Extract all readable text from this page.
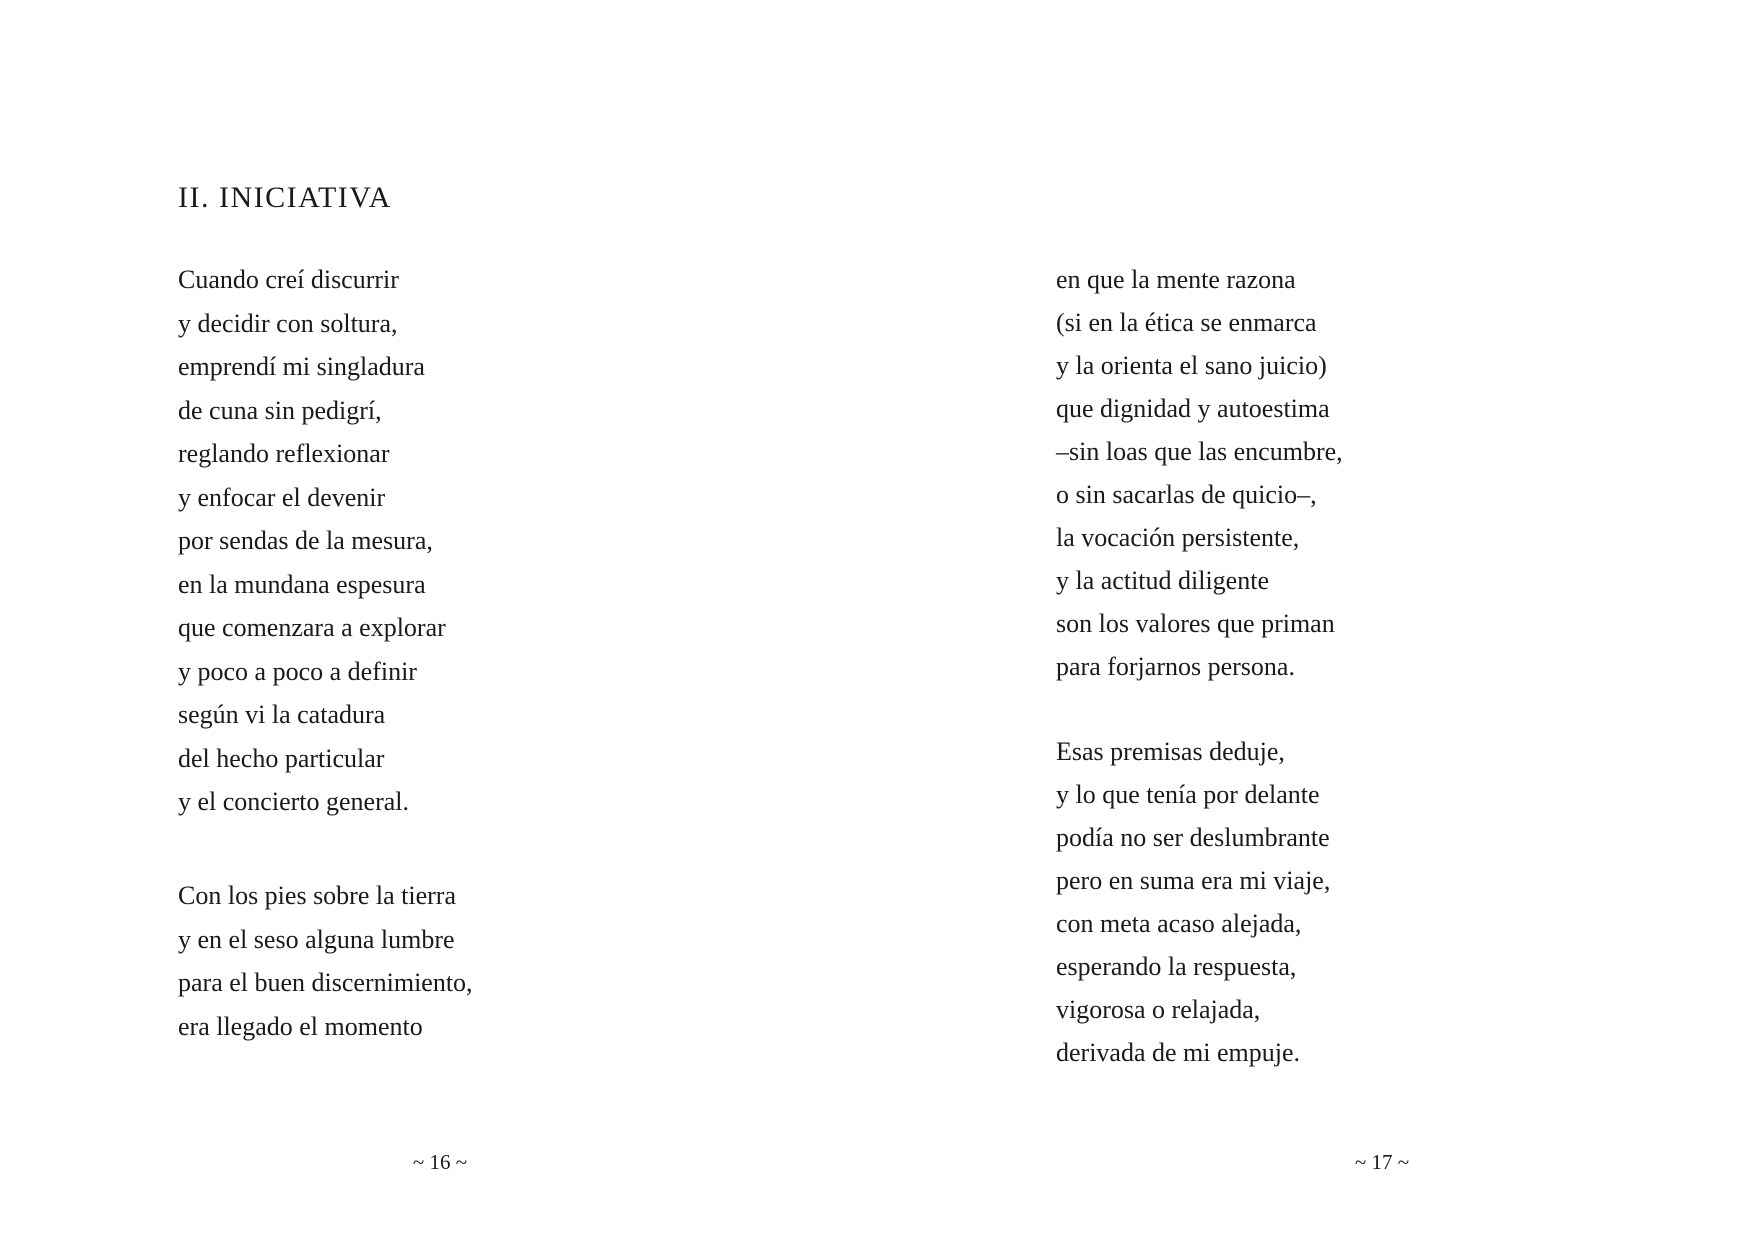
II. INICIATIVA
Cuando creí discurrir
y decidir con soltura,
emprendí mi singladura
de cuna sin pedigrí,
reglando reflexionar
y enfocar el devenir
por sendas de la mesura,
en la mundana espesura
que comenzara a explorar
y poco a poco a definir
según vi la catadura
del hecho particular
y el concierto general.
Con los pies sobre la tierra
y en el seso alguna lumbre
para el buen discernimiento,
era llegado el momento

~ 16 ~

en que la mente razona
(si en la ética se enmarca
y la orienta el sano juicio)
que dignidad y autoestima
–sin loas que las encumbre,
o sin sacarlas de quicio–,
la vocación persistente,
y la actitud diligente
son los valores que priman
para forjarnos persona.
Esas premisas deduje,
y lo que tenía por delante
podía no ser deslumbrante
pero en suma era mi viaje,
con meta acaso alejada,
esperando la respuesta,
vigorosa o relajada,
derivada de mi empuje.

~ 17 ~
